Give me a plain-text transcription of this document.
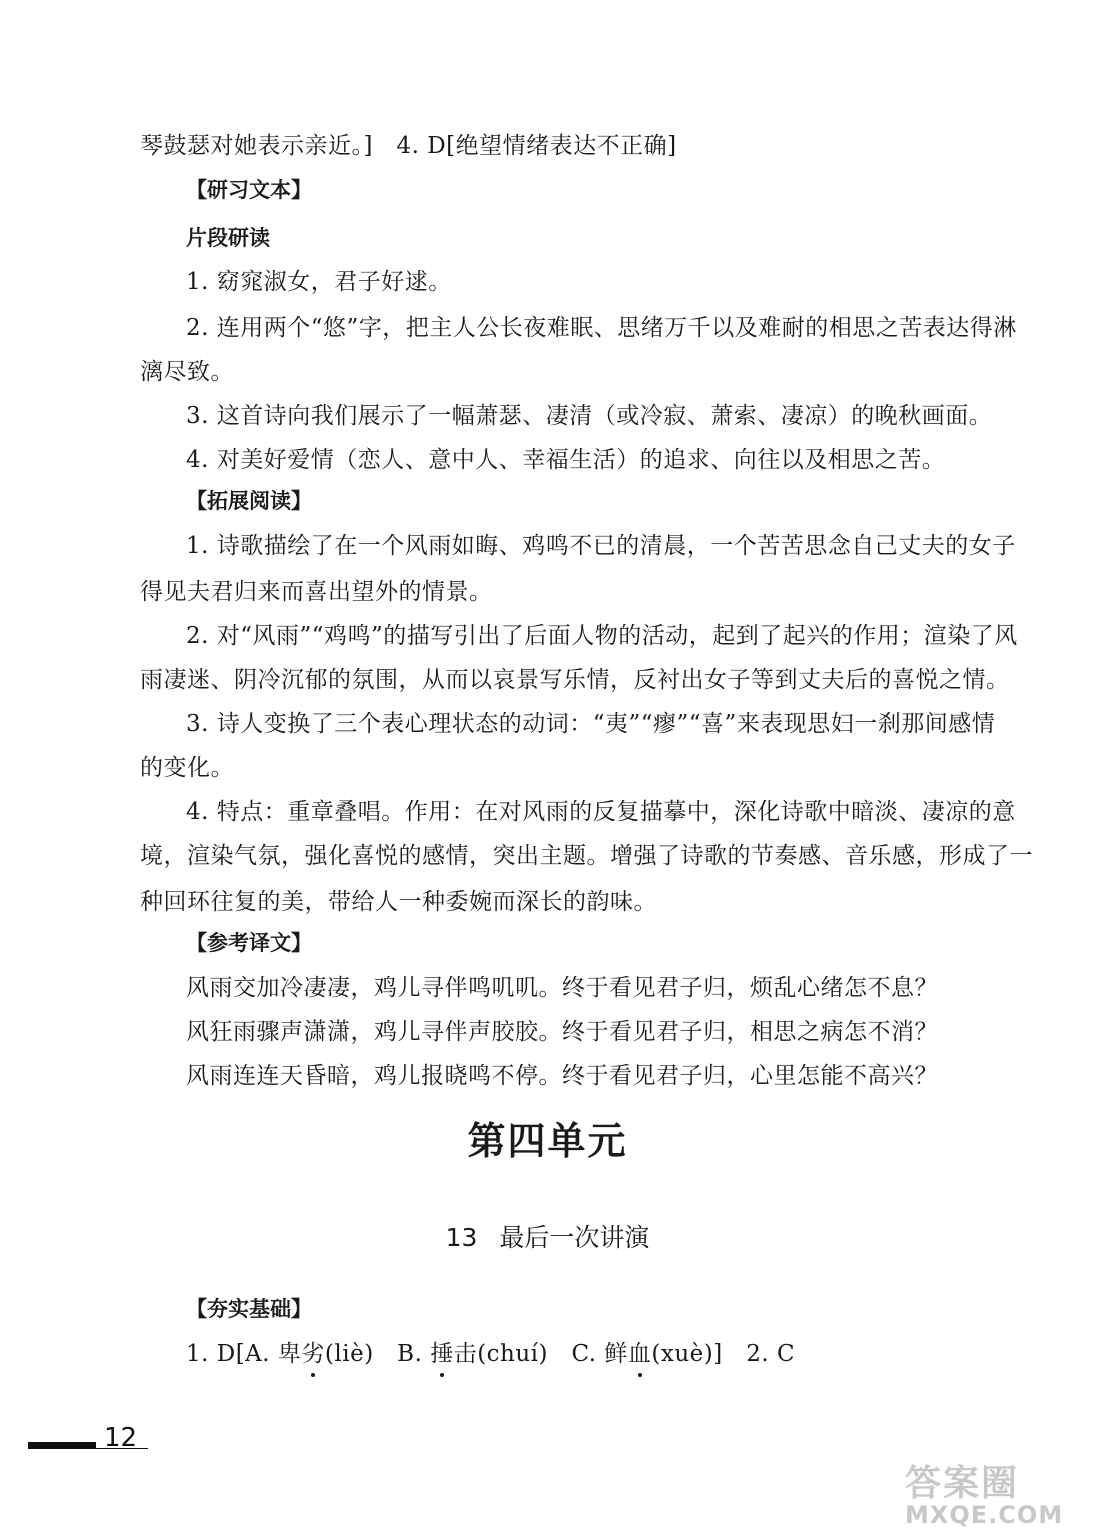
琴鼓瑟对她表示亲近。]　4. D[绝望情绪表达不正确]
【研习文本】
片段研读
1. 窈窕淑女，君子好逑。
2. 连用两个“悠”字，把主人公长夜难眠、思绪万千以及难耐的相思之苦表达得淋
漓尽致。
3. 这首诗向我们展示了一幅萧瑟、凄清（或冷寂、萧索、凄凉）的晚秋画面。
4. 对美好爱情（恋人、意中人、幸福生活）的追求、向往以及相思之苦。
【拓展阅读】
1. 诗歌描绘了在一个风雨如晦、鸡鸣不已的清晨，一个苦苦思念自己丈夫的女子
得见夫君归来而喜出望外的情景。
2. 对“风雨”“鸡鸣”的描写引出了后面人物的活动，起到了起兴的作用；渲染了风
雨凄迷、阴冷沉郁的氛围，从而以哀景写乐情，反衬出女子等到丈夫后的喜悦之情。
3. 诗人变换了三个表心理状态的动词：“夷”“瘳”“喜”来表现思妇一刹那间感情
的变化。
4. 特点：重章叠唱。作用：在对风雨的反复描摹中，深化诗歌中暗淡、凄凉的意
境，渲染气氛，强化喜悦的感情，突出主题。增强了诗歌的节奏感、音乐感，形成了一
种回环往复的美，带给人一种委婉而深长的韵味。
【参考译文】
风雨交加冷凄凄，鸡儿寻伴鸣叽叽。终于看见君子归，烦乱心绪怎不息？
风狂雨骤声潇潇，鸡儿寻伴声胶胶。终于看见君子归，相思之病怎不消？
风雨连连天昏暗，鸡儿报晓鸣不停。终于看见君子归，心里怎能不高兴？
第四单元
13 最后一次讲演
【夯实基础】
1. D[A. 卑劣(liè)　B. 捶击(chuí)　C. 鲜血(xuè)]　2. C
12
答案圈
MXQE.COM
